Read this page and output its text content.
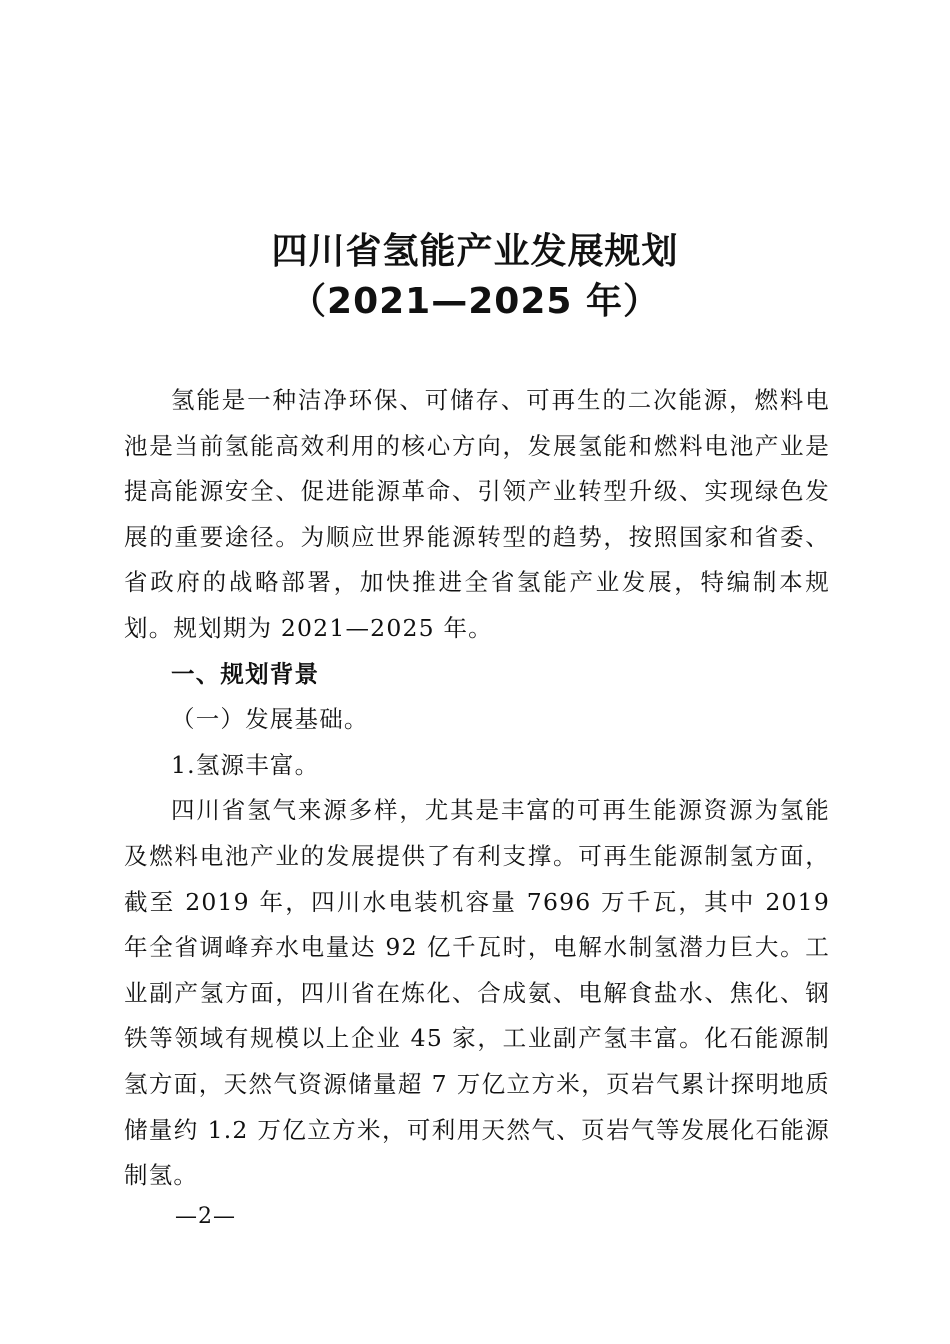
四川省氢能产业发展规划
（2021—2025 年）

氢能是一种洁净环保、可储存、可再生的二次能源，燃料电池是当前氢能高效利用的核心方向，发展氢能和燃料电池产业是提高能源安全、促进能源革命、引领产业转型升级、实现绿色发展的重要途径。为顺应世界能源转型的趋势，按照国家和省委、省政府的战略部署，加快推进全省氢能产业发展，特编制本规划。规划期为 2021—2025 年。

一、规划背景

（一）发展基础。

1.氢源丰富。

四川省氢气来源多样，尤其是丰富的可再生能源资源为氢能及燃料电池产业的发展提供了有利支撑。可再生能源制氢方面，截至 2019 年，四川水电装机容量 7696 万千瓦，其中 2019 年全省调峰弃水电量达 92 亿千瓦时，电解水制氢潜力巨大。工业副产氢方面，四川省在炼化、合成氨、电解食盐水、焦化、钢铁等领域有规模以上企业 45 家，工业副产氢丰富。化石能源制氢方面，天然气资源储量超 7 万亿立方米，页岩气累计探明地质储量约 1.2 万亿立方米，可利用天然气、页岩气等发展化石能源制氢。

—2—
